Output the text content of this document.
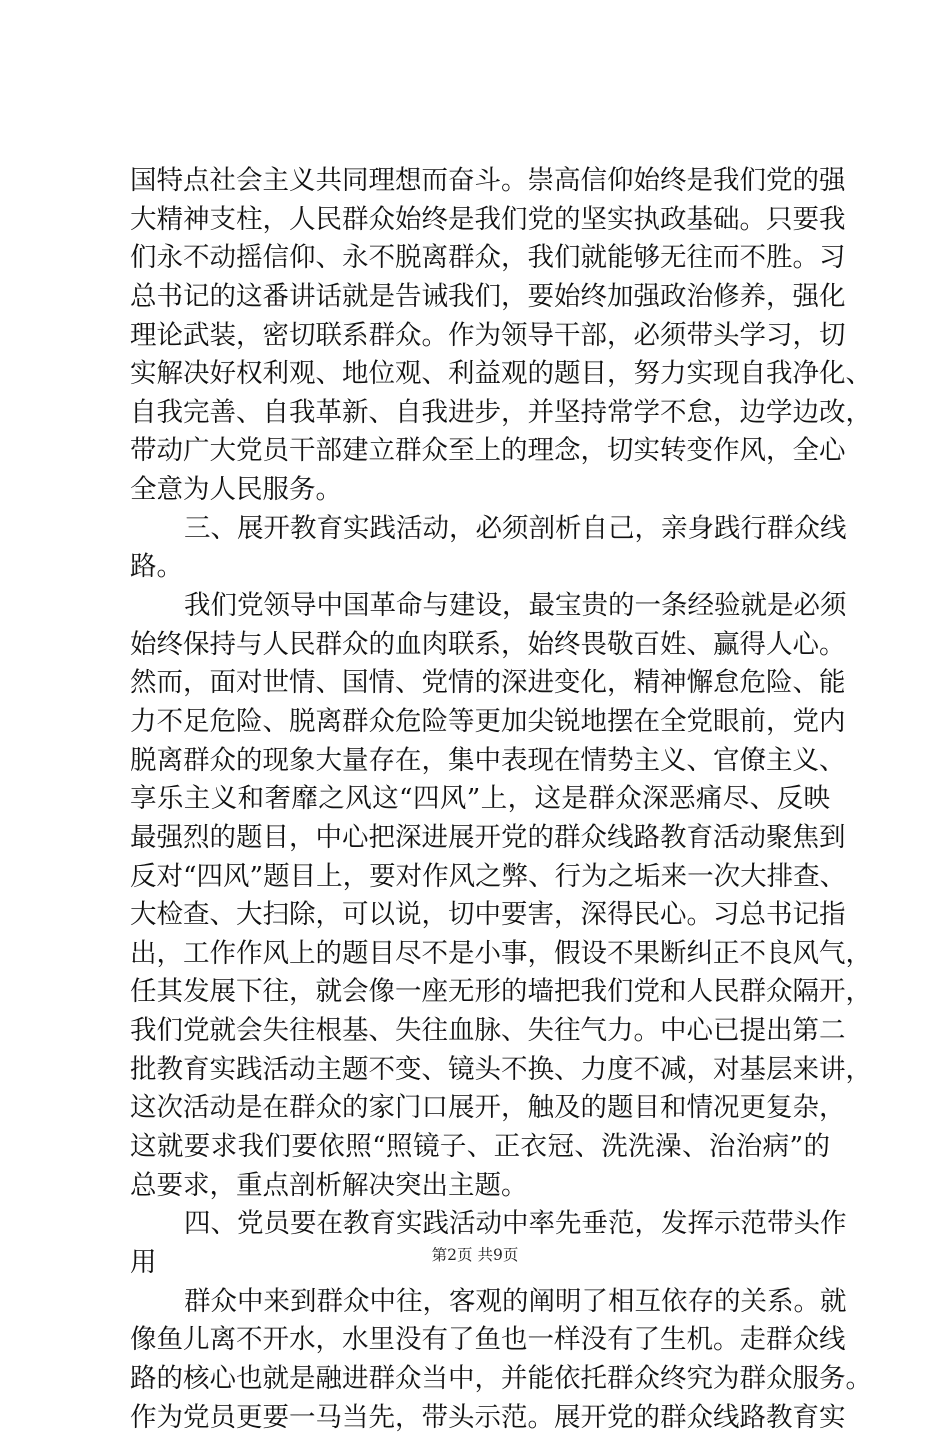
国特点社会主义共同理想而奋斗。崇高信仰始终是我们党的强
大精神支柱，人民群众始终是我们党的坚实执政基础。只要我
们永不动摇信仰、永不脱离群众，我们就能够无往而不胜。习
总书记的这番讲话就是告诫我们，要始终加强政治修养，强化
理论武装，密切联系群众。作为领导干部，必须带头学习，切
实解决好权利观、地位观、利益观的题目，努力实现自我净化、
自我完善、自我革新、自我进步，并坚持常学不怠，边学边改，
带动广大党员干部建立群众至上的理念，切实转变作风，全心
全意为人民服务。
三、展开教育实践活动，必须剖析自己，亲身践行群众线
路。
我们党领导中国革命与建设，最宝贵的一条经验就是必须
始终保持与人民群众的血肉联系，始终畏敬百姓、赢得人心。
然而，面对世情、国情、党情的深进变化，精神懈怠危险、能
力不足危险、脱离群众危险等更加尖锐地摆在全党眼前，党内
脱离群众的现象大量存在，集中表现在情势主义、官僚主义、
享乐主义和奢靡之风这“四风”上，这是群众深恶痛尽、反映
最强烈的题目，中心把深进展开党的群众线路教育活动聚焦到
反对“四风”题目上，要对作风之弊、行为之垢来一次大排查、
大检查、大扫除，可以说，切中要害，深得民心。习总书记指
出，工作作风上的题目尽不是小事，假设不果断纠正不良风气，
任其发展下往，就会像一座无形的墙把我们党和人民群众隔开，
我们党就会失往根基、失往血脉、失往气力。中心已提出第二
批教育实践活动主题不变、镜头不换、力度不减，对基层来讲，
这次活动是在群众的家门口展开，触及的题目和情况更复杂，
这就要求我们要依照“照镜子、正衣冠、洗洗澡、治治病”的
总要求，重点剖析解决突出主题。
四、党员要在教育实践活动中率先垂范，发挥示范带头作
用
群众中来到群众中往，客观的阐明了相互依存的关系。就
像鱼儿离不开水，水里没有了鱼也一样没有了生机。走群众线
路的核心也就是融进群众当中，并能依托群众终究为群众服务。
作为党员更要一马当先，带头示范。展开党的群众线路教育实
第2页 共9页
